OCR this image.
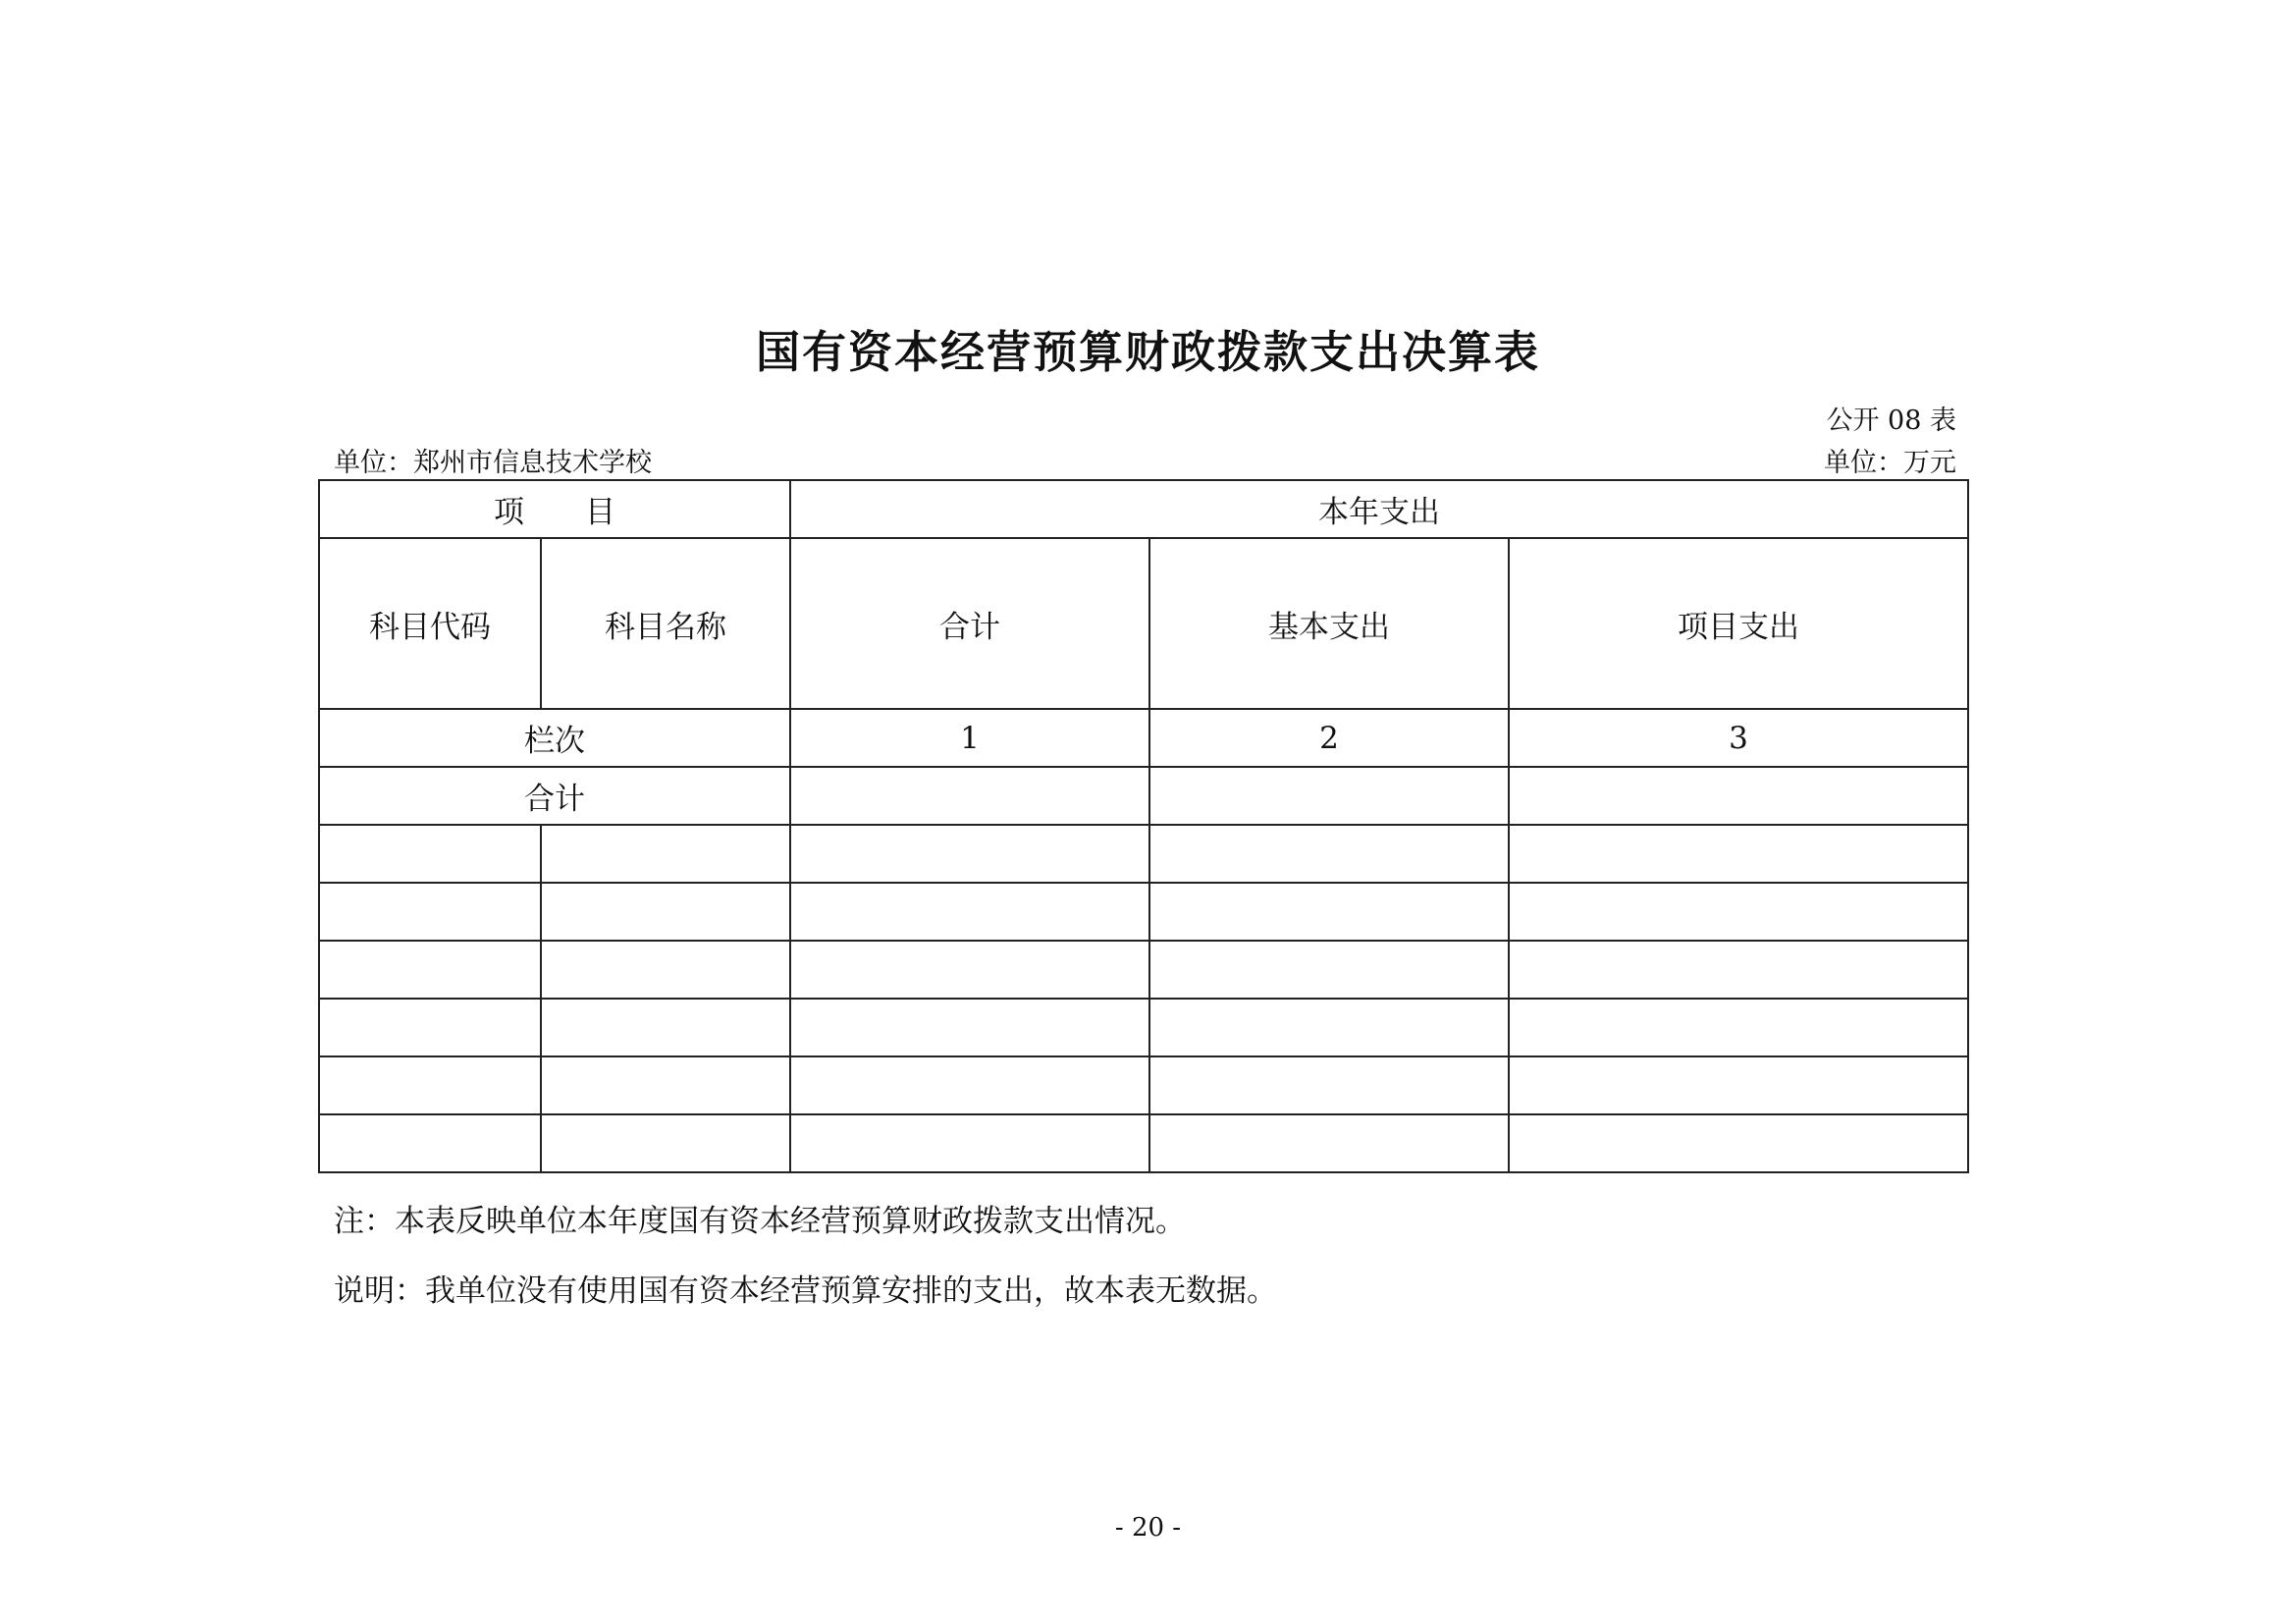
国有资本经营预算财政拨款支出决算表
公开 08 表
单位：郑州市信息技术学校	单位：万元
项　　目		本年支出		
科目代码	科目名称	合计	基本支出	项目支出
栏次		1	2	3
合计				

注：本表反映单位本年度国有资本经营预算财政拨款支出情况。
说明：我单位没有使用国有资本经营预算安排的支出，故本表无数据。
- 20 -
